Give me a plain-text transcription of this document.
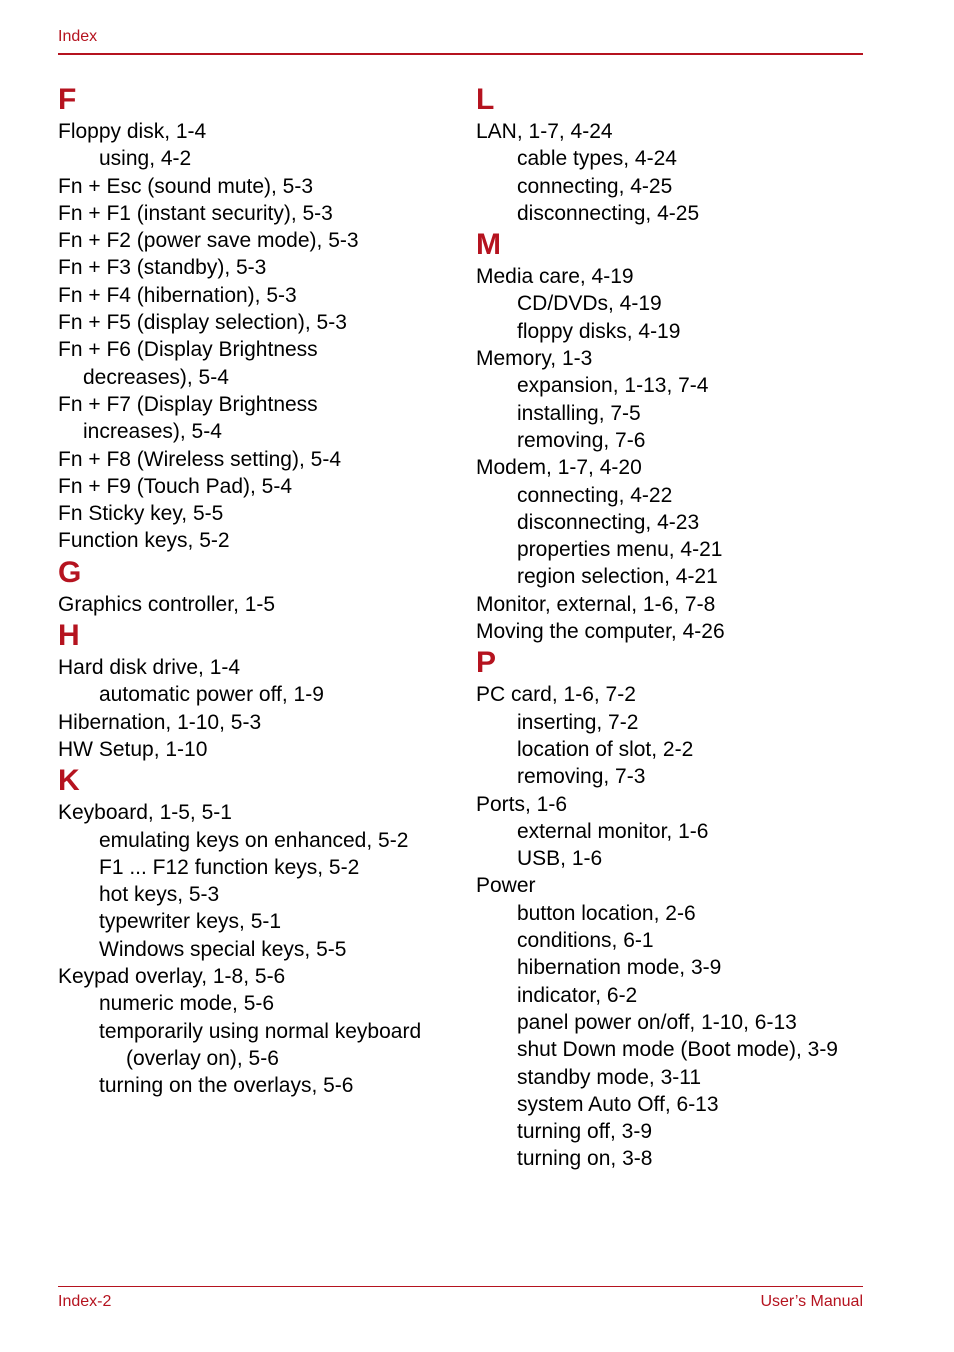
Index
F
Floppy disk, 1-4
using, 4-2
Fn + Esc (sound mute), 5-3
Fn + F1 (instant security), 5-3
Fn + F2 (power save mode), 5-3
Fn + F3 (standby), 5-3
Fn + F4 (hibernation), 5-3
Fn + F5 (display selection), 5-3
Fn + F6 (Display Brightness
decreases), 5-4
Fn + F7 (Display Brightness
increases), 5-4
Fn + F8 (Wireless setting), 5-4
Fn + F9 (Touch Pad), 5-4
Fn Sticky key, 5-5
Function keys, 5-2
G
Graphics controller, 1-5
H
Hard disk drive, 1-4
automatic power off, 1-9
Hibernation, 1-10, 5-3
HW Setup, 1-10
K
Keyboard, 1-5, 5-1
emulating keys on enhanced, 5-2
F1 ... F12 function keys, 5-2
hot keys, 5-3
typewriter keys, 5-1
Windows special keys, 5-5
Keypad overlay, 1-8, 5-6
numeric mode, 5-6
temporarily using normal keyboard
(overlay on), 5-6
turning on the overlays, 5-6
L
LAN, 1-7, 4-24
cable types, 4-24
connecting, 4-25
disconnecting, 4-25
M
Media care, 4-19
CD/DVDs, 4-19
floppy disks, 4-19
Memory, 1-3
expansion, 1-13, 7-4
installing, 7-5
removing, 7-6
Modem, 1-7, 4-20
connecting, 4-22
disconnecting, 4-23
properties menu, 4-21
region selection, 4-21
Monitor, external, 1-6, 7-8
Moving the computer, 4-26
P
PC card, 1-6, 7-2
inserting, 7-2
location of slot, 2-2
removing, 7-3
Ports, 1-6
external monitor, 1-6
USB, 1-6
Power
button location, 2-6
conditions, 6-1
hibernation mode, 3-9
indicator, 6-2
panel power on/off, 1-10, 6-13
shut Down mode (Boot mode), 3-9
standby mode, 3-11
system Auto Off, 6-13
turning off, 3-9
turning on, 3-8
Index-2	User’s Manual
